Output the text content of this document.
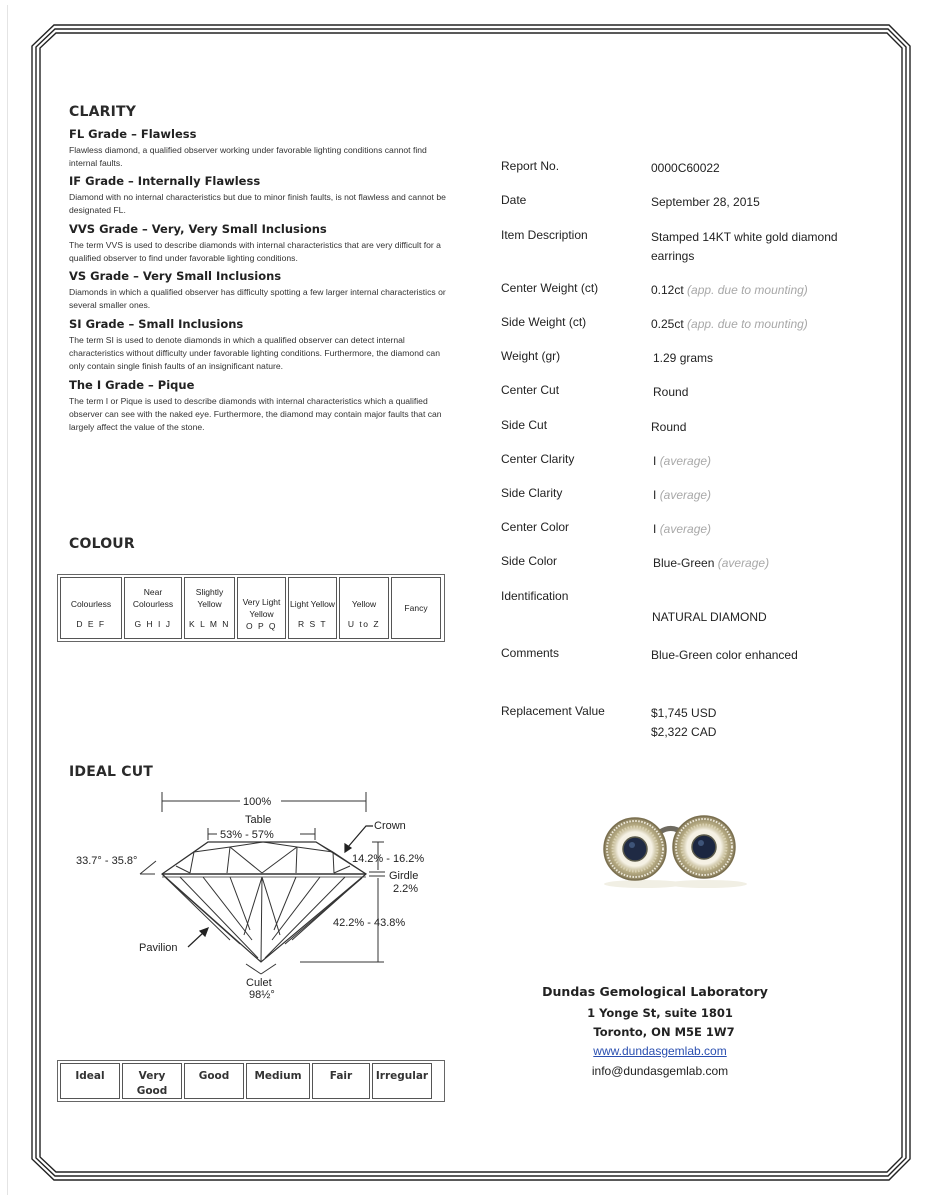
CLARITY
FL Grade – Flawless

Flawless diamond, a qualified observer working under favorable lighting conditions cannot find internal faults.

IF Grade – Internally Flawless

Diamond with no internal characteristics but due to minor finish faults, is not flawless and cannot be designated FL.

VVS Grade – Very, Very Small Inclusions

The term VVS is used to describe diamonds with internal characteristics that are very difficult for a qualified observer to find under favorable lighting conditions.

VS Grade – Very Small Inclusions

Diamonds in which a qualified observer has difficulty spotting a few larger internal characteristics or several smaller ones.

SI Grade – Small Inclusions

The term SI is used to denote diamonds in which a qualified observer can detect internal characteristics without difficulty under favorable lighting conditions. Furthermore, the diamond can only contain single finish faults of an insignificant nature.

The I Grade – Pique

The term I or Pique is used to describe diamonds with internal characteristics which a qualified observer can see with the naked eye. Furthermore, the diamond may contain major faults that can largely affect the value of the stone.

COLOUR
Colourless
D E F
Near Colourless
G H I J
Slightly Yellow
K L M N
Very Light Yellow
O P Q
Light Yellow
R S T
Yellow
U to Z
Fancy
IDEAL CUT
100%
Table
53% - 57%
Crown
33.7° - 35.8°	14.2% - 16.2%
Girdle
2.2%
42.2% - 43.8%
Pavilion
Culet
98½°
Ideal	Very Good
Good	Medium	Fair	Irregular
Report No.	0000C60022
Date	September 28, 2015
Item Description	Stamped 14KT white gold diamond earrings
Center Weight (ct)	0.12ct (app. due to mounting)
Side Weight (ct)	0.25ct (app. due to mounting)
Weight (gr)	1.29 grams
Center Cut	Round
Side Cut	Round
Center Clarity	I (average)
Side Clarity	I (average)
Center Color	I (average)
Side Color	Blue-Green (average)
Identification
NATURAL DIAMOND
Comments	Blue-Green color enhanced
Replacement Value	$1,745 USD
$2,322 CAD
Dundas Gemological Laboratory
1 Yonge St, suite 1801
Toronto, ON M5E 1W7
www.dundasgemlab.com
info@dundasgemlab.com
